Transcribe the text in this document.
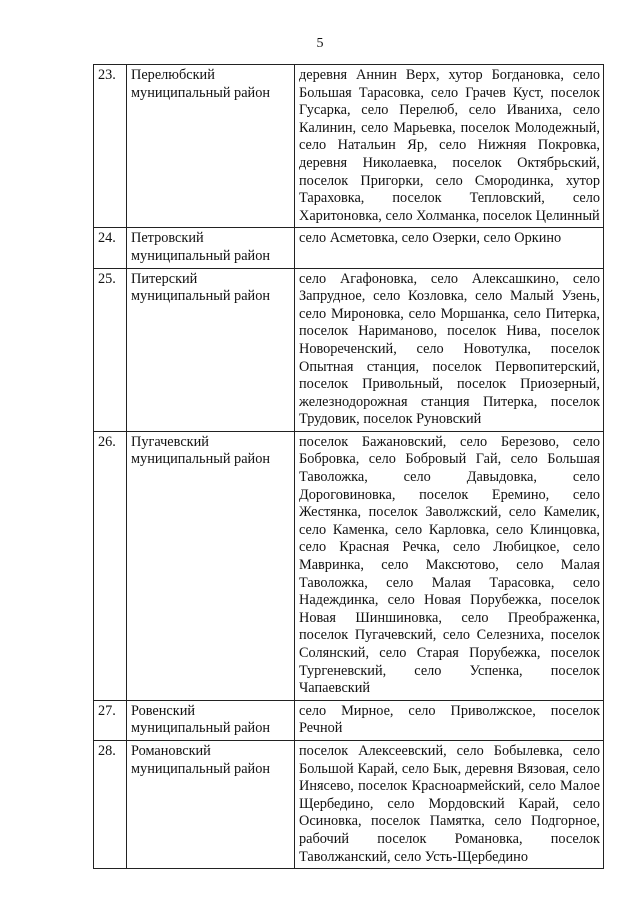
5
23.	Перелюбский муниципальный район	деревня Аннин Верх, хутор Богдановка, село Большая Тарасовка, село Грачев Куст, поселок Гусарка, село Перелюб, село Иваниха, село Калинин, село Марьевка, поселок Молодежный, село Натальин Яр, село Нижняя Покровка, деревня Николаевка, поселок Октябрьский, поселок Пригорки, село Смородинка, хутор Тараховка, поселок Тепловский, село Харитоновка, село Холманка, поселок Целинный
24.	Петровский муниципальный район	село Асметовка, село Озерки, село Оркино
25.	Питерский муниципальный район	село Агафоновка, село Алексашкино, село Запрудное, село Козловка, село Малый Узень, село Мироновка, село Моршанка, село Питерка, поселок Нариманово, поселок Нива, поселок Новореченский, село Новотулка, поселок Опытная станция, поселок Первопитерский, поселок Привольный, поселок Приозерный, железнодорожная станция Питерка, поселок Трудовик, поселок Руновский
26.	Пугачевский муниципальный район	поселок Бажановский, село Березово, село Бобровка, село Бобровый Гай, село Большая Таволожка, село Давыдовка, село Дороговиновка, поселок Еремино, село Жестянка, поселок Заволжский, село Камелик, село Каменка, село Карловка, село Клинцовка, село Красная Речка, село Любицкое, село Мавринка, село Максютово, село Малая Таволожка, село Малая Тарасовка, село Надеждинка, село Новая Порубежка, поселок Новая Шиншиновка, село Преображенка, поселок Пугачевский, село Селезниха, поселок Солянский, село Старая Порубежка, поселок Тургеневский, село Успенка, поселок Чапаевский
27.	Ровенский муниципальный район	село Мирное, село Приволжское, поселок Речной
28.	Романовский муниципальный район	поселок Алексеевский, село Бобылевка, село Большой Карай, село Бык, деревня Вязовая, село Инясево, поселок Красноармейский, село Малое Щербедино, село Мордовский Карай, село Осиновка, поселок Памятка, село Подгорное, рабочий поселок Романовка, поселок Таволжанский, село Усть-Щербедино
